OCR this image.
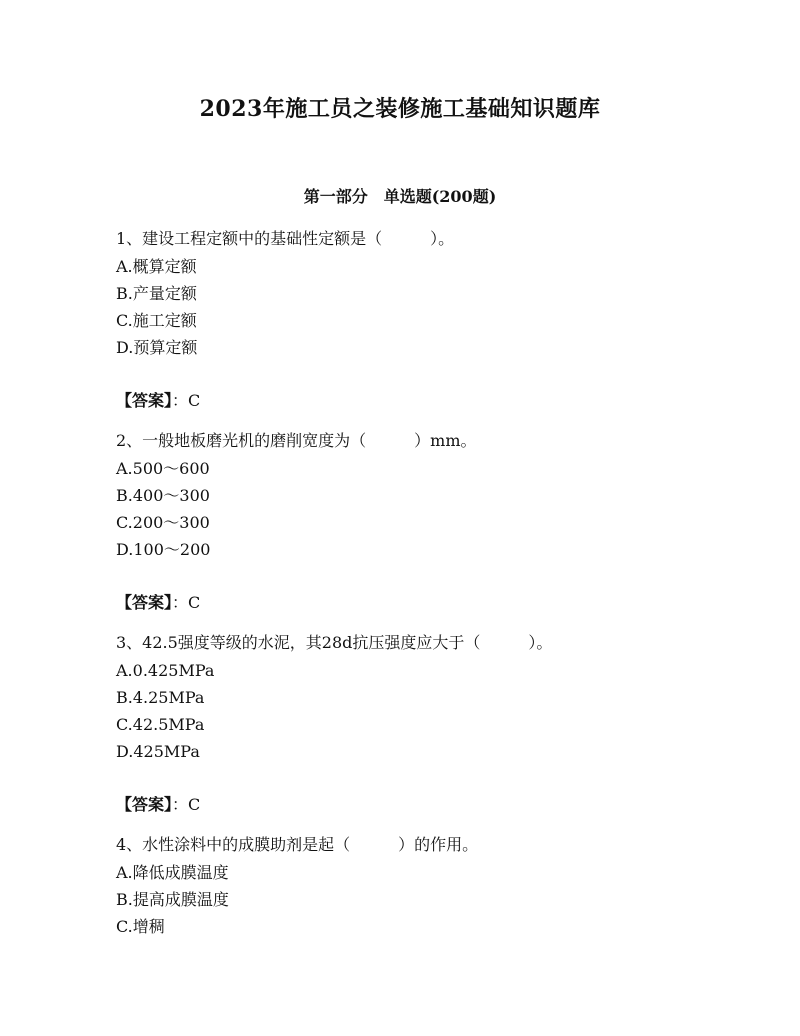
2023年施工员之装修施工基础知识题库
第一部分　单选题(200题)
1、建设工程定额中的基础性定额是（　　　）。
A.概算定额
B.产量定额
C.施工定额
D.预算定额
【答案】：C
2、一般地板磨光机的磨削宽度为（　　　）mm。
A.500～600
B.400～300
C.200～300
D.100～200
【答案】：C
3、42.5强度等级的水泥，其28d抗压强度应大于（　　　）。
A.0.425MPa
B.4.25MPa
C.42.5MPa
D.425MPa
【答案】：C
4、水性涂料中的成膜助剂是起（　　　）的作用。
A.降低成膜温度
B.提高成膜温度
C.增稠
